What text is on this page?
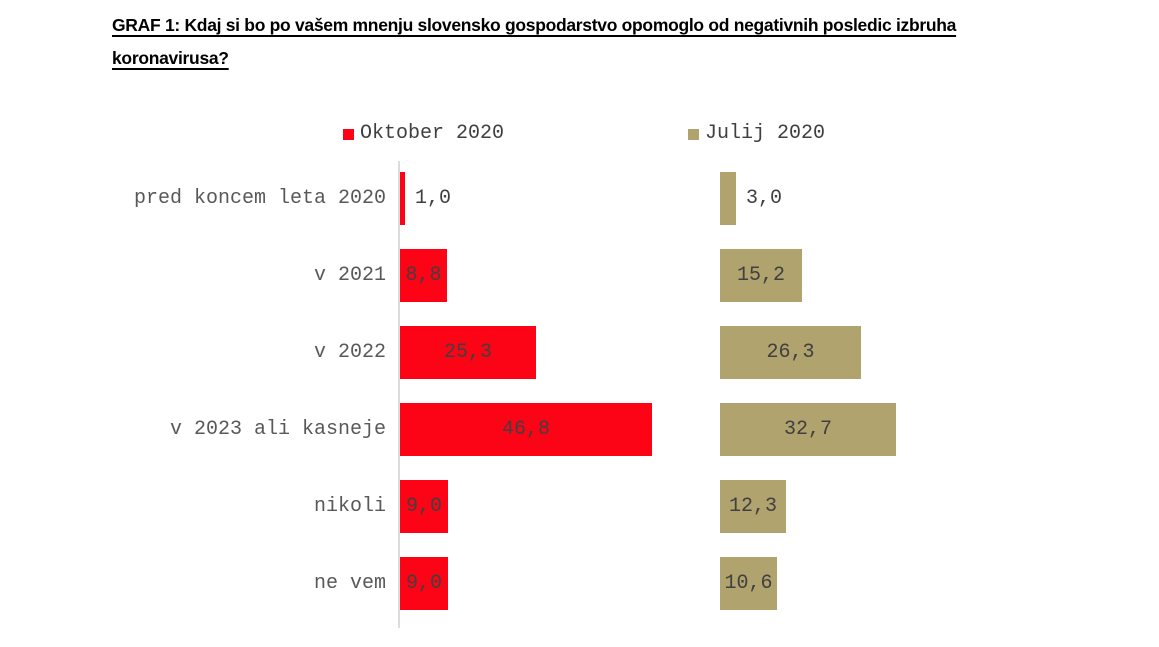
GRAF 1: Kdaj si bo po vašem mnenju slovensko gospodarstvo opomoglo od negativnih posledic izbruha
koronavirusa?
Oktober 2020	Julij 2020
pred koncem leta 2020 1,0	3,0
v 2021 8,8	15,2
v 2022	25,3	26,3
v 2023 ali kasneje	46,8	32,7
nikoli 9,0	12,3
ne vem 9,0	10,6
